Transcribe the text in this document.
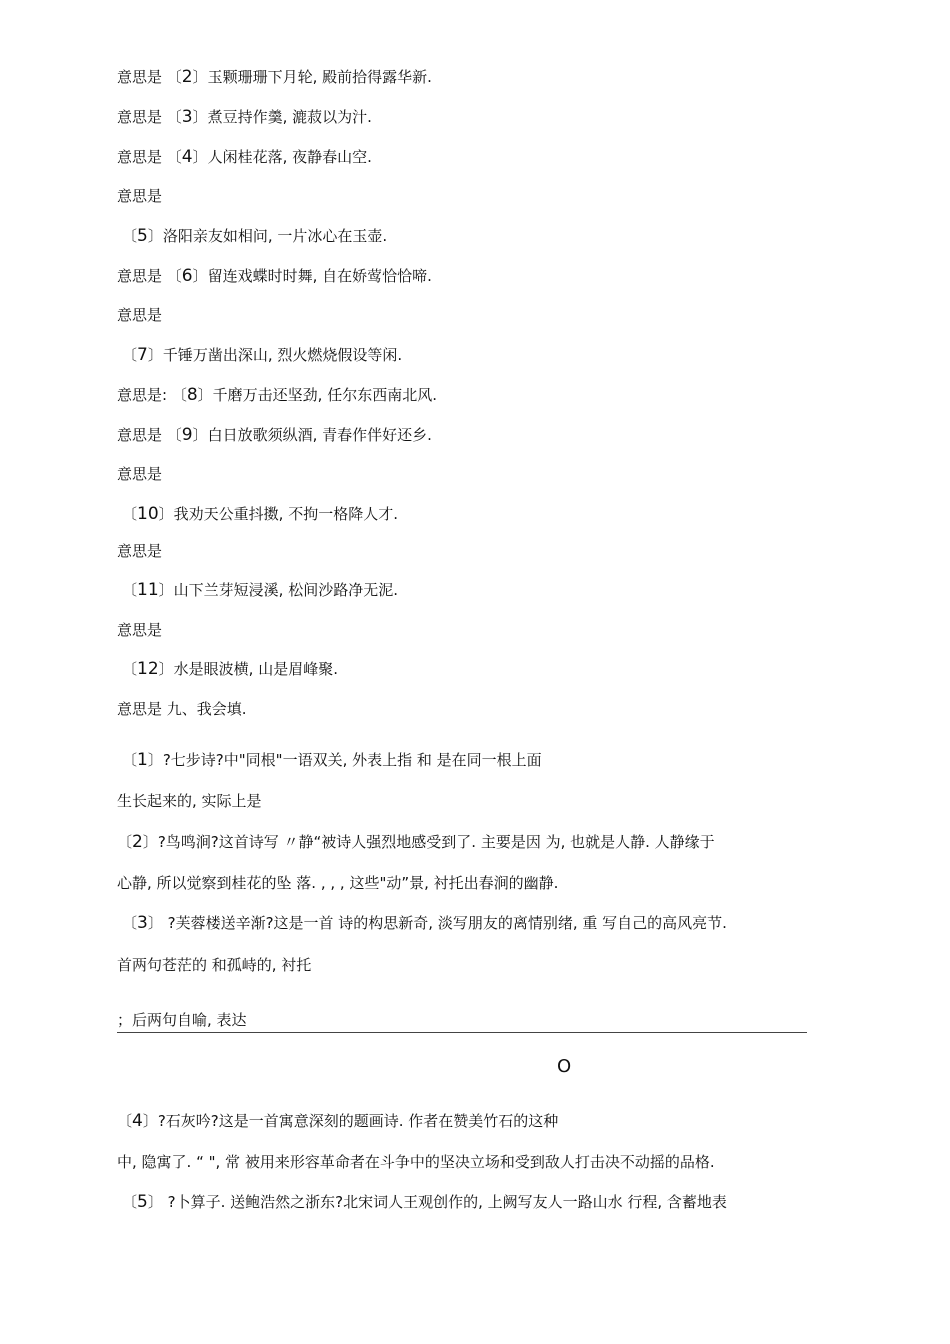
意思是 〔2〕玉颗珊珊下月轮, 殿前拾得露华新.
意思是 〔3〕煮豆持作羹, 漉菽以为汁.
意思是 〔4〕人闲桂花落, 夜静春山空.
意思是
〔5〕洛阳亲友如相问, 一片冰心在玉壶.
意思是 〔6〕留连戏蝶时时舞, 自在娇莺恰恰啼.
意思是
〔7〕千锤万凿出深山, 烈火燃烧假设等闲.
意思是: 〔8〕千磨万击还坚劲, 任尔东西南北风.
意思是 〔9〕白日放歌须纵酒, 青春作伴好还乡.
意思是
〔10〕我劝天公重抖擞, 不拘一格降人才.
意思是
〔11〕山下兰芽短浸溪, 松间沙路净无泥.
意思是
〔12〕水是眼波横, 山是眉峰聚.
意思是 九、我会填.
〔1〕?七步诗?中"同根"一语双关, 外表上指 和 是在同一根上面
生长起来的, 实际上是
〔2〕?鸟鸣涧?这首诗写 〃静“被诗人强烈地感受到了. 主要是因 为, 也就是人静. 人静缘于
心静, 所以觉察到桂花的坠 落. , , , 这些"动”景, 衬托出春涧的幽静.
〔3〕 ?芙蓉楼送辛渐?这是一首 诗的构思新奇, 淡写朋友的离情别绪, 重 写自己的高风亮节.
首两句苍茫的 和孤峙的, 衬托
；后两句自喻, 表达
O
〔4〕?石灰吟?这是一首寓意深刻的题画诗. 作者在赞美竹石的这种
中, 隐寓了. “ ", 常 被用来形容革命者在斗争中的坚决立场和受到敌人打击决不动摇的品格.
〔5〕 ?卜算子. 送鲍浩然之浙东?北宋词人王观创作的, 上阙写友人一路山水 行程, 含蓄地表
